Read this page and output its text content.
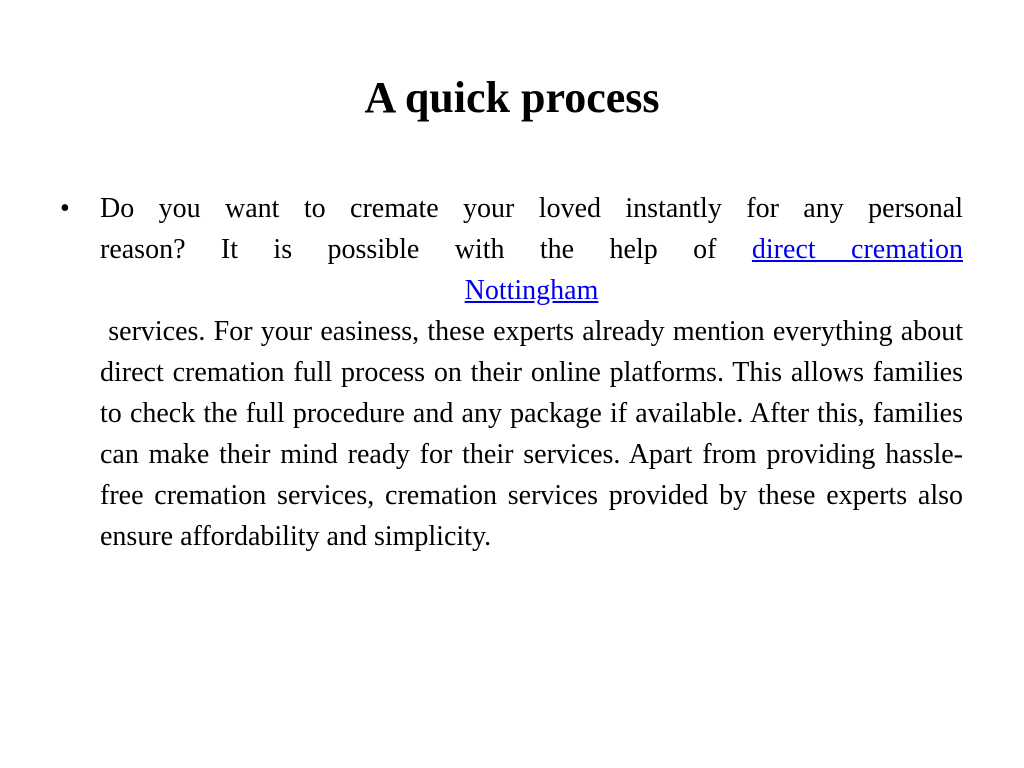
A quick process
• Do you want to cremate your loved instantly for any personal
reason? It is possible with the help of direct cremation
Nottingham
services. For your easiness, these experts already mention everything about direct cremation full process on their online platforms. This allows families to check the full procedure and any package if available. After this, families can make their mind ready for their services. Apart from providing hassle-free cremation services, cremation services provided by these experts also ensure affordability and simplicity.
